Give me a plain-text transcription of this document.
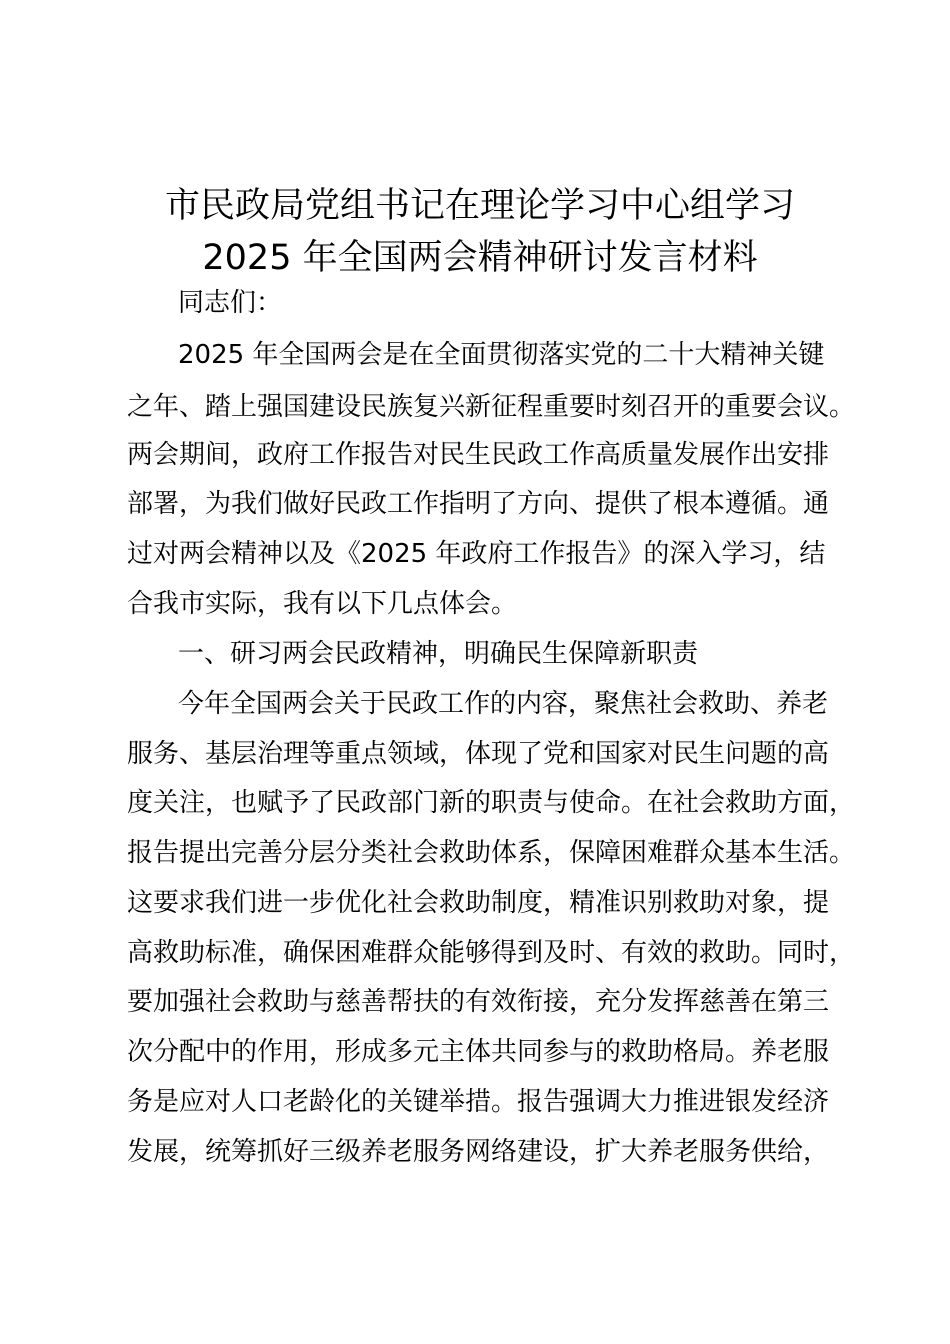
市民政局党组书记在理论学习中心组学习
2025 年全国两会精神研讨发言材料
同志们：
2025 年全国两会是在全面贯彻落实党的二十大精神关键
之年、踏上强国建设民族复兴新征程重要时刻召开的重要会议。
两会期间，政府工作报告对民生民政工作高质量发展作出安排
部署，为我们做好民政工作指明了方向、提供了根本遵循。通
过对两会精神以及《2025 年政府工作报告》的深入学习，结
合我市实际，我有以下几点体会。
一、研习两会民政精神，明确民生保障新职责
今年全国两会关于民政工作的内容，聚焦社会救助、养老
服务、基层治理等重点领域，体现了党和国家对民生问题的高
度关注，也赋予了民政部门新的职责与使命。在社会救助方面，
报告提出完善分层分类社会救助体系，保障困难群众基本生活。
这要求我们进一步优化社会救助制度，精准识别救助对象，提
高救助标准，确保困难群众能够得到及时、有效的救助。同时，
要加强社会救助与慈善帮扶的有效衔接，充分发挥慈善在第三
次分配中的作用，形成多元主体共同参与的救助格局。养老服
务是应对人口老龄化的关键举措。报告强调大力推进银发经济
发展，统筹抓好三级养老服务网络建设，扩大养老服务供给，
